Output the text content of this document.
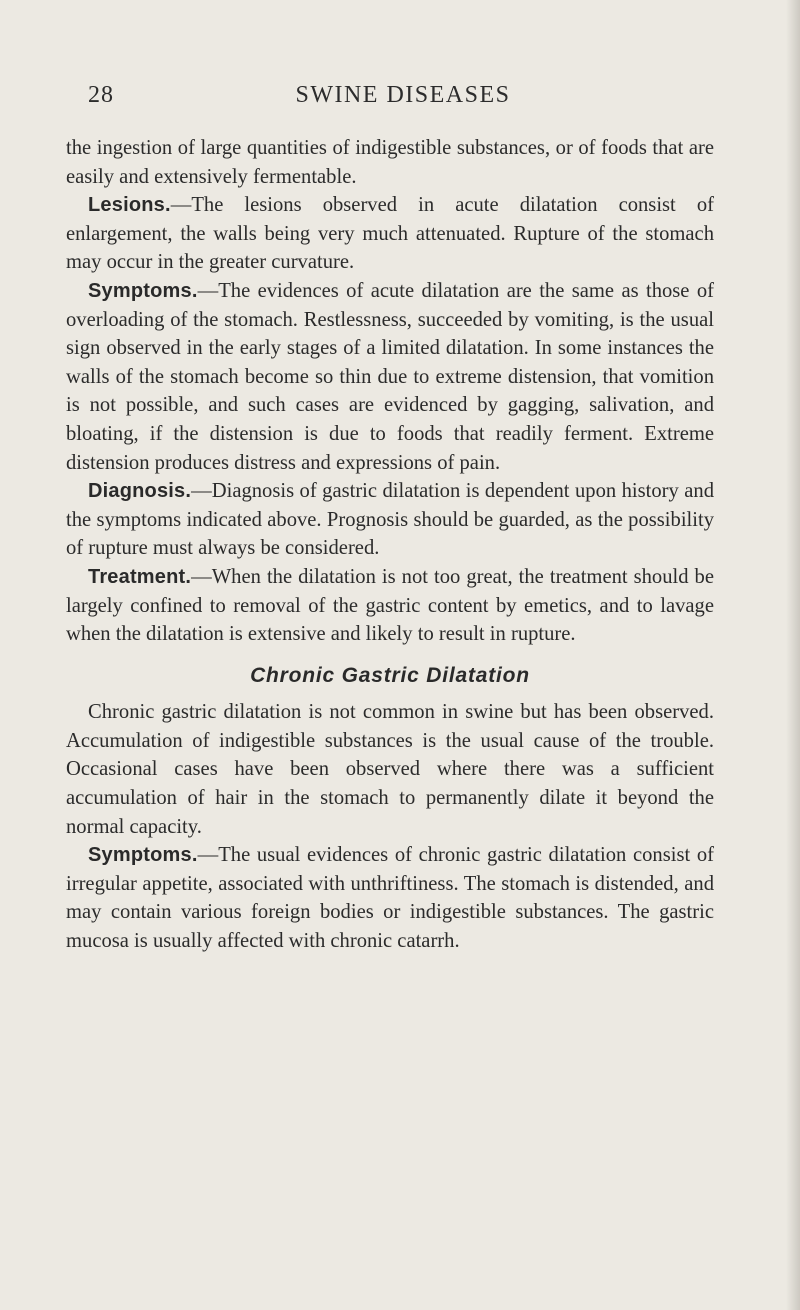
28	SWINE DISEASES

the ingestion of large quantities of indigestible substances, or of foods that are easily and extensively fermentable.

Lesions.—The lesions observed in acute dilatation consist of enlargement, the walls being very much attenuated. Rupture of the stomach may occur in the greater curvature.

Symptoms.—The evidences of acute dilatation are the same as those of overloading of the stomach. Restlessness, succeeded by vomiting, is the usual sign observed in the early stages of a limited dilatation. In some instances the walls of the stomach become so thin due to extreme distension, that vomition is not possible, and such cases are evidenced by gagging, salivation, and bloating, if the distension is due to foods that readily ferment. Extreme distension produces distress and expressions of pain.

Diagnosis.—Diagnosis of gastric dilatation is dependent upon history and the symptoms indicated above. Prognosis should be guarded, as the possibility of rupture must always be considered.

Treatment.—When the dilatation is not too great, the treatment should be largely confined to removal of the gastric content by emetics, and to lavage when the dilatation is extensive and likely to result in rupture.

Chronic Gastric Dilatation

Chronic gastric dilatation is not common in swine but has been observed. Accumulation of indigestible substances is the usual cause of the trouble. Occasional cases have been observed where there was a sufficient accumulation of hair in the stomach to permanently dilate it beyond the normal capacity.

Symptoms.—The usual evidences of chronic gastric dilatation consist of irregular appetite, associated with unthriftiness. The stomach is distended, and may contain various foreign bodies or indigestible substances. The gastric mucosa is usually affected with chronic catarrh.
